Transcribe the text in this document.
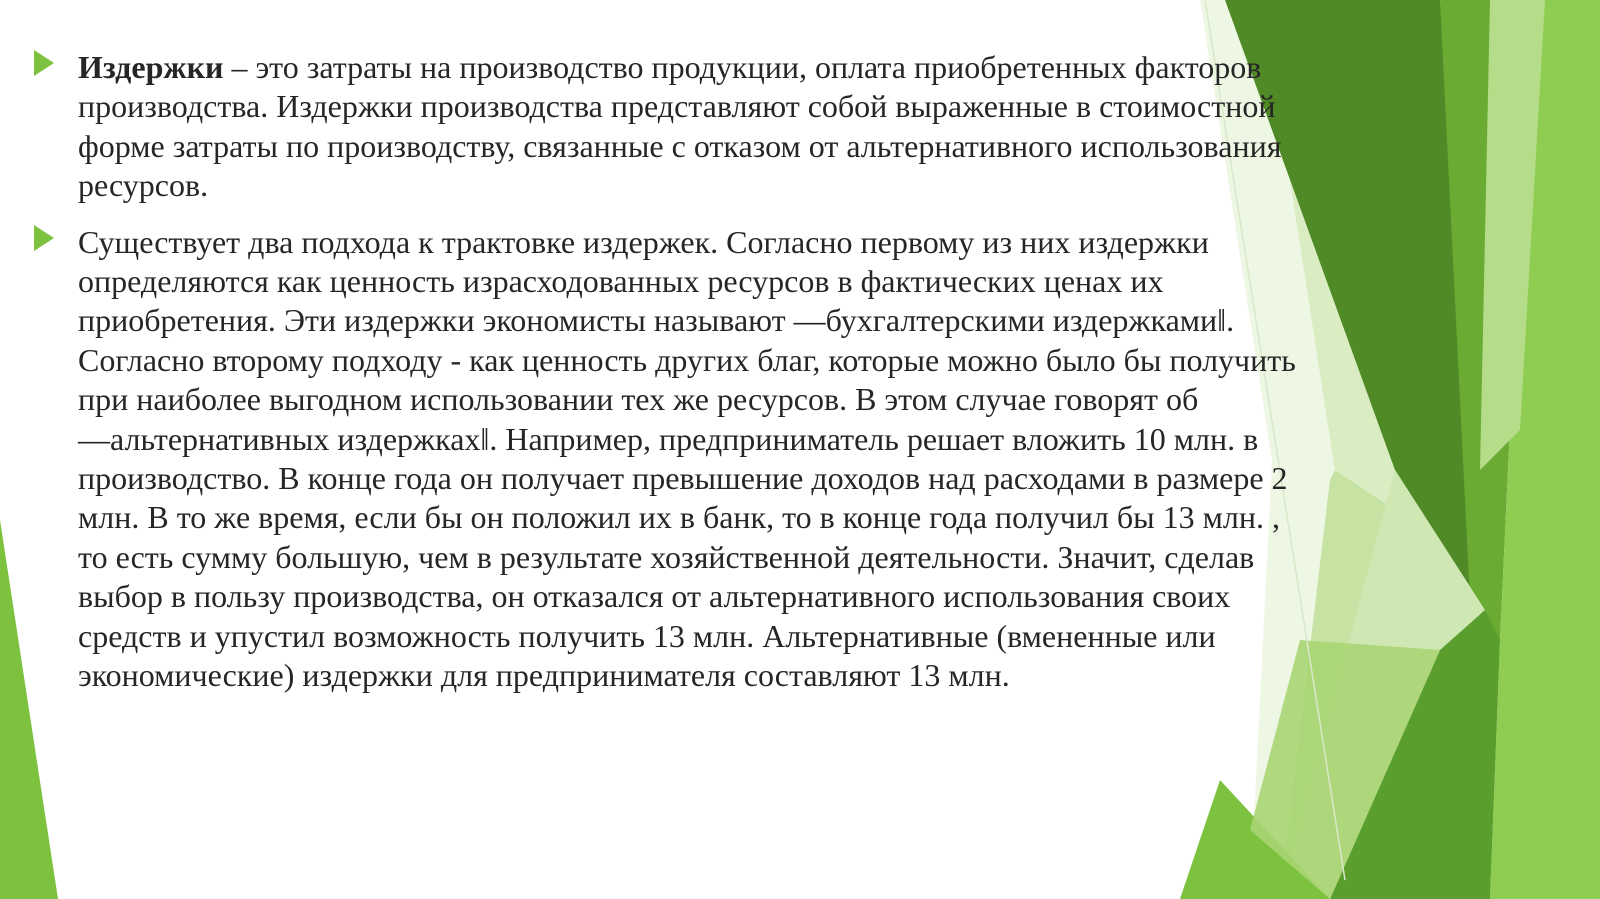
Издержки – это затраты на производство продукции, оплата приобретенных факторов производства. Издержки производства представляют собой выраженные в стоимостной форме затраты по производству, связанные с отказом от альтернативного использования ресурсов.

Существует два подхода к трактовке издержек. Согласно первому из них издержки определяются как ценность израсходованных ресурсов в фактических ценах их приобретения. Эти издержки экономисты называют ―бухгалтерскими издержками‖. Согласно второму подходу - как ценность других благ, которые можно было бы получить при наиболее выгодном использовании тех же ресурсов. В этом случае говорят об ―альтернативных издержках‖. Например, предприниматель решает вложить 10 млн. в производство. В конце года он получает превышение доходов над расходами в размере 2 млн. В то же время, если бы он положил их в банк, то в конце года получил бы 13 млн. , то есть сумму большую, чем в результате хозяйственной деятельности. Значит, сделав выбор в пользу производства, он отказался от альтернативного использования своих средств и упустил возможность получить 13 млн. Альтернативные (вмененные или экономические) издержки для предпринимателя составляют 13 млн.
